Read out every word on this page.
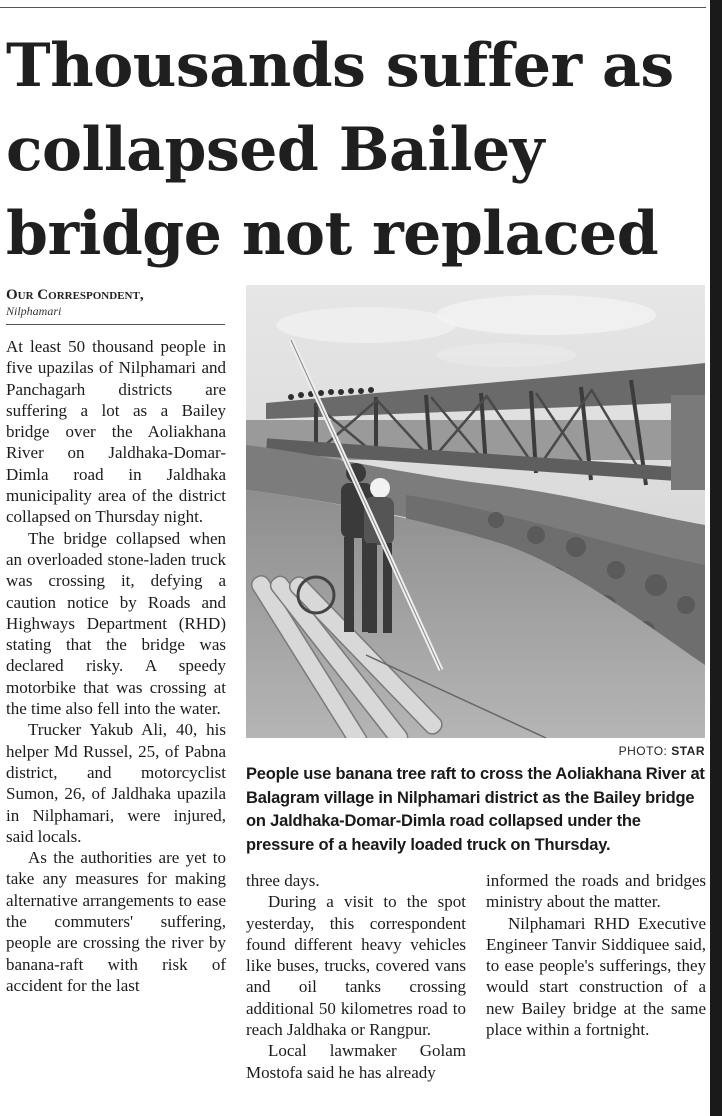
Thousands suffer as collapsed Bailey bridge not replaced
Our Correspondent,
Nilphamari

At least 50 thousand people in five upazilas of Nilphamari and Panchagarh districts are suffering a lot as a Bailey bridge over the Aoliakhana River on Jaldhaka-Domar-Dimla road in Jaldhaka municipality area of the district collapsed on Thursday night.

The bridge collapsed when an overloaded stone-laden truck was crossing it, defying a caution notice by Roads and Highways Department (RHD) stating that the bridge was declared risky. A speedy motorbike that was crossing at the time also fell into the water.

Trucker Yakub Ali, 40, his helper Md Russel, 25, of Pabna district, and motorcyclist Sumon, 26, of Jaldhaka upazila in Nilphamari, were injured, said locals.

As the authorities are yet to take any measures for making alternative arrangements to ease the commuters' suffering, people are crossing the river by banana-raft with risk of accident for the last

PHOTO: STAR

People use banana tree raft to cross the Aoliakhana River at Balagram village in Nilphamari district as the Bailey bridge on Jaldhaka-Domar-Dimla road collapsed under the pressure of a heavily loaded truck on Thursday.

three days.

During a visit to the spot yesterday, this correspondent found different heavy vehicles like buses, trucks, covered vans and oil tanks crossing additional 50 kilometres road to reach Jaldhaka or Rangpur.

Local lawmaker Golam Mostofa said he has already

informed the roads and bridges ministry about the matter.

Nilphamari RHD Executive Engineer Tanvir Siddiquee said, to ease people's sufferings, they would start construction of a new Bailey bridge at the same place within a fortnight.
